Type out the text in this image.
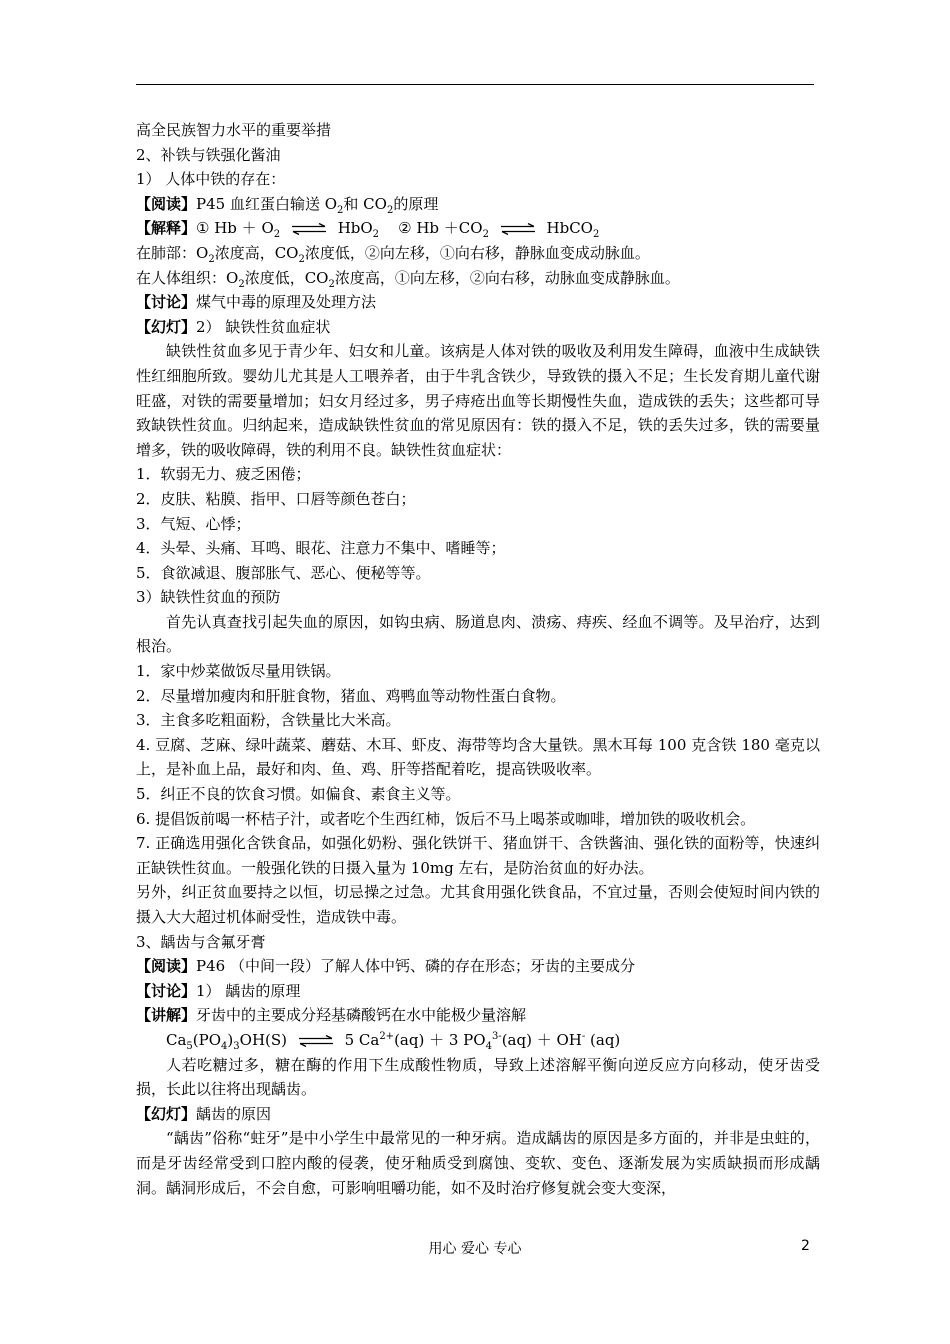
高全民族智力水平的重要举措
2、补铁与铁强化酱油
1） 人体中铁的存在：
【阅读】P45 血红蛋白输送 $O_2$和 $CO_2$的原理
【解释】① $Hb + O_2$ ⇌ HbO$_2$ ② $Hb +CO_2$ ⇌ HbCO$_2$
在肺部：$O_2$浓度高，$CO_2$浓度低，②向左移，①向右移，静脉血变成动脉血。
在人体组织：$O_2$浓度低，$CO_2$浓度高，①向左移，②向右移，动脉血变成静脉血。
【讨论】煤气中毒的原理及处理方法
【幻灯】2） 缺铁性贫血症状
缺铁性贫血多见于青少年、妇女和儿童。该病是人体对铁的吸收及利用发生障碍，血液中生成缺铁性红细胞所致。婴幼儿尤其是人工喂养者，由于牛乳含铁少，导致铁的摄入不足；生长发育期儿童代谢旺盛，对铁的需要量增加；妇女月经过多，男子痔疮出血等长期慢性失血，造成铁的丢失；这些都可导致缺铁性贫血。归纳起来，造成缺铁性贫血的常见原因有：铁的摄入不足，铁的丢失过多，铁的需要量增多，铁的吸收障碍，铁的利用不良。缺铁性贫血症状：
1．软弱无力、疲乏困倦；
2．皮肤、粘膜、指甲、口唇等颜色苍白；
3．气短、心悸；
4．头晕、头痛、耳鸣、眼花、注意力不集中、嗜睡等；
5．食欲减退、腹部胀气、恶心、便秘等等。
3）缺铁性贫血的预防
首先认真查找引起失血的原因，如钩虫病、肠道息肉、溃疡、痔疾、经血不调等。及早治疗，达到根治。
1．家中炒菜做饭尽量用铁锅。
2．尽量增加瘦肉和肝脏食物，猪血、鸡鸭血等动物性蛋白食物。
3．主食多吃粗面粉，含铁量比大米高。
4. 豆腐、芝麻、绿叶蔬菜、蘑菇、木耳、虾皮、海带等均含大量铁。黑木耳每 100 克含铁 180 毫克以上，是补血上品，最好和肉、鱼、鸡、肝等搭配着吃，提高铁吸收率。
5．纠正不良的饮食习惯。如偏食、素食主义等。
6. 提倡饭前喝一杯桔子汁，或者吃个生西红柿，饭后不马上喝茶或咖啡，增加铁的吸收机会。
7. 正确选用强化含铁食品，如强化奶粉、强化铁饼干、猪血饼干、含铁酱油、强化铁的面粉等，快速纠正缺铁性贫血。一般强化铁的日摄入量为 10mg 左右，是防治贫血的好办法。
另外，纠正贫血要持之以恒，切忌操之过急。尤其食用强化铁食品，不宜过量，否则会使短时间内铁的摄入大大超过机体耐受性，造成铁中毒。
3、龋齿与含氟牙膏
【阅读】P46 （中间一段）了解人体中钙、磷的存在形态；牙齿的主要成分
【讨论】1） 龋齿的原理
【讲解】牙齿中的主要成分羟基磷酸钙在水中能极少量溶解
$Ca_5(PO_4)_3OH(S)$ ⇌ 5 $Ca^{2+}(aq) + 3$ $PO_4^{3-}(aq) + OH^-$ (aq)
人若吃糖过多，糖在酶的作用下生成酸性物质，导致上述溶解平衡向逆反应方向移动，使牙齿受损，长此以往将出现龋齿。
【幻灯】龋齿的原因
“龋齿”俗称“蛀牙”是中小学生中最常见的一种牙病。造成龋齿的原因是多方面的，并非是虫蛀的，而是牙齿经常受到口腔内酸的侵袭，使牙釉质受到腐蚀、变软、变色、逐渐发展为实质缺损而形成龋洞。龋洞形成后，不会自愈，可影响咀嚼功能，如不及时治疗修复就会变大变深，
用心 爱心 专心	2
